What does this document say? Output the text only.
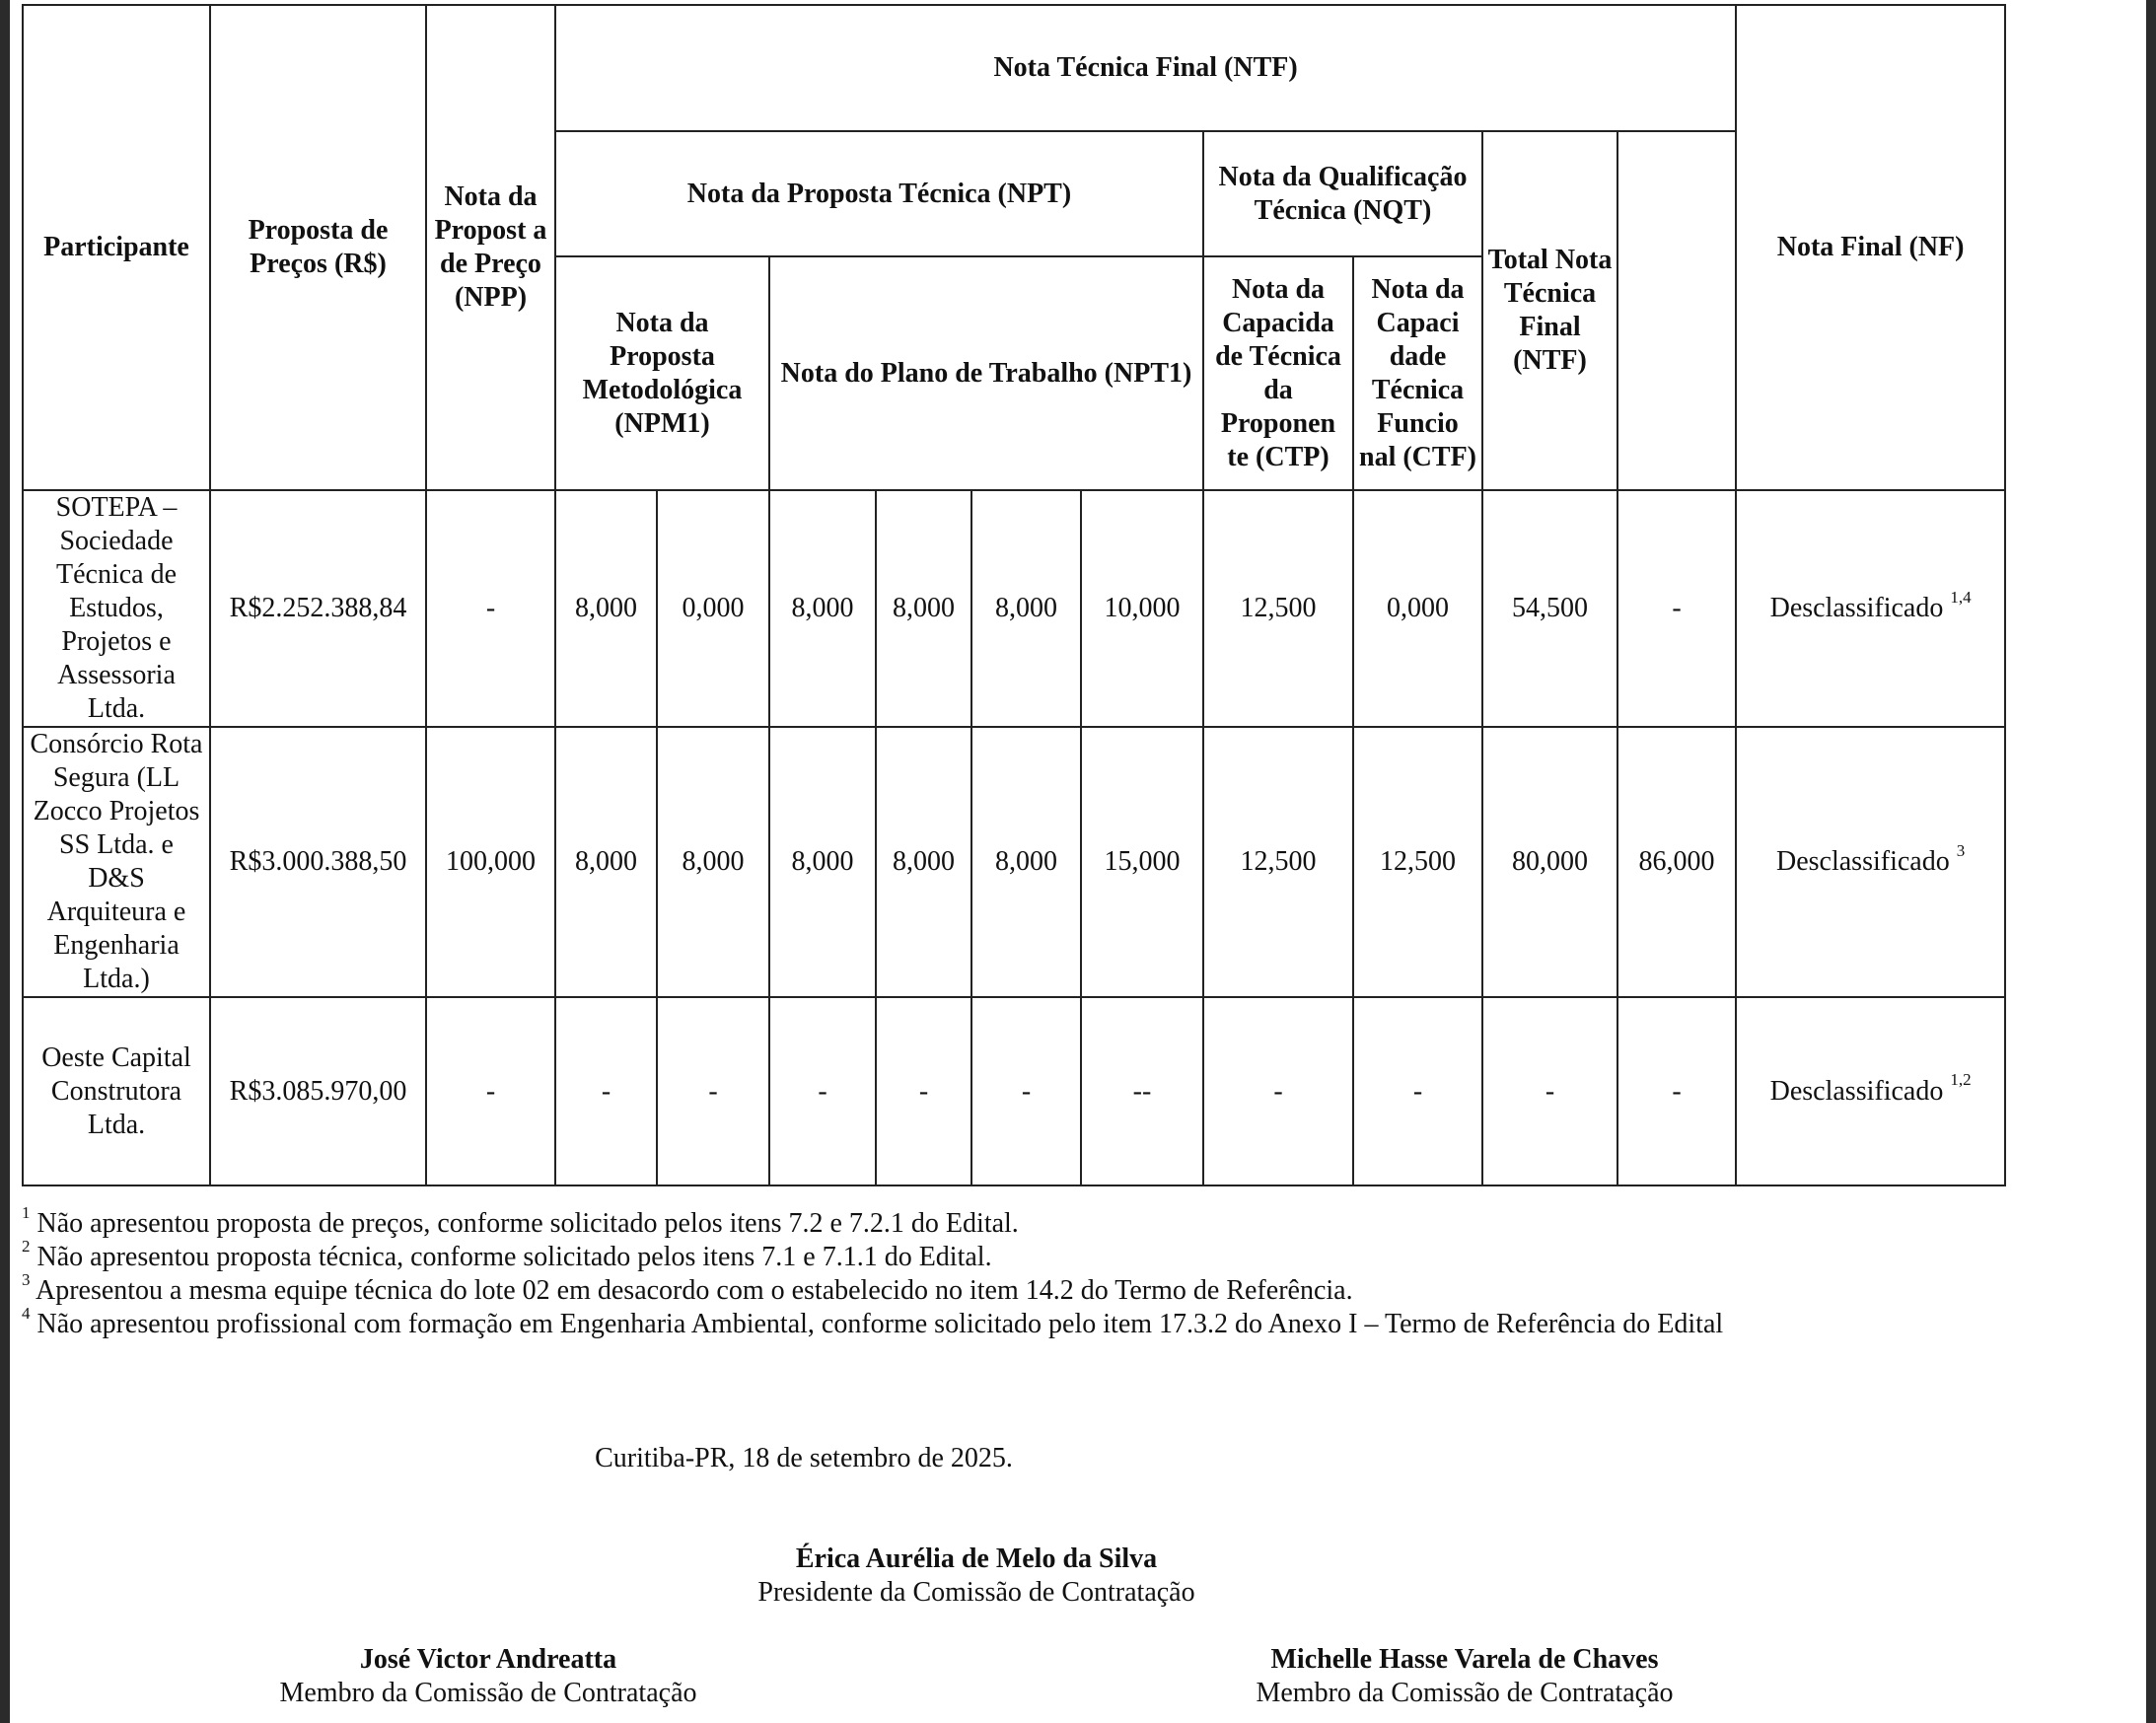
Participante	Proposta de Preços (R$)	Nota da Propost a de Preço (NPP)	Nota Técnica Final (NTF)										Nota Final (NF)	
			Nota da Proposta Técnica (NPT)						Nota da Qualificação Técnica (NQT)		Total Nota Técnica Final (NTF)			
			Nota da Proposta Metodológica (NPM1)		Nota do Plano de Trabalho (NPT1)				Nota da Capacida de Técnica da Proponen te (CTP)	Nota da Capaci dade Técnica Funcio nal (CTF)				
SOTEPA – Sociedade Técnica de Estudos, Projetos e Assessoria Ltda.	R$2.252.388,84	-	8,000	0,000	8,000	8,000	8,000	10,000	12,500	0,000	54,500	-	Desclassificado $^{1,4}$
Consórcio Rota Segura (LL Zocco Projetos SS Ltda. e D&S Arquiteura e Engenharia Ltda.)	R$3.000.388,50	100,000	8,000	8,000	8,000	8,000	8,000	15,000	12,500	12,500	80,000	86,000	Desclassificado $^3$
Oeste Capital Construtora Ltda.	R$3.085.970,00	-	-	-	-	-	-	--	-	-	-	-	Desclassificado $^{1,2}$
$^1$ Não apresentou proposta de preços, conforme solicitado pelos itens 7.2 e 7.2.1 do Edital.
$^2$ Não apresentou proposta técnica, conforme solicitado pelos itens 7.1 e 7.1.1 do Edital.
$^3$ Apresentou a mesma equipe técnica do lote 02 em desacordo com o estabelecido no item 14.2 do Termo de Referência.
$^4$ Não apresentou profissional com formação em Engenharia Ambiental, conforme solicitado pelo item 17.3.2 do Anexo I – Termo de Referência do Edital
Curitiba-PR, 18 de setembro de 2025.
Érica Aurélia de Melo da Silva
Presidente da Comissão de Contratação
José Victor Andreatta
Membro da Comissão de Contratação
Michelle Hasse Varela de Chaves
Membro da Comissão de Contratação
